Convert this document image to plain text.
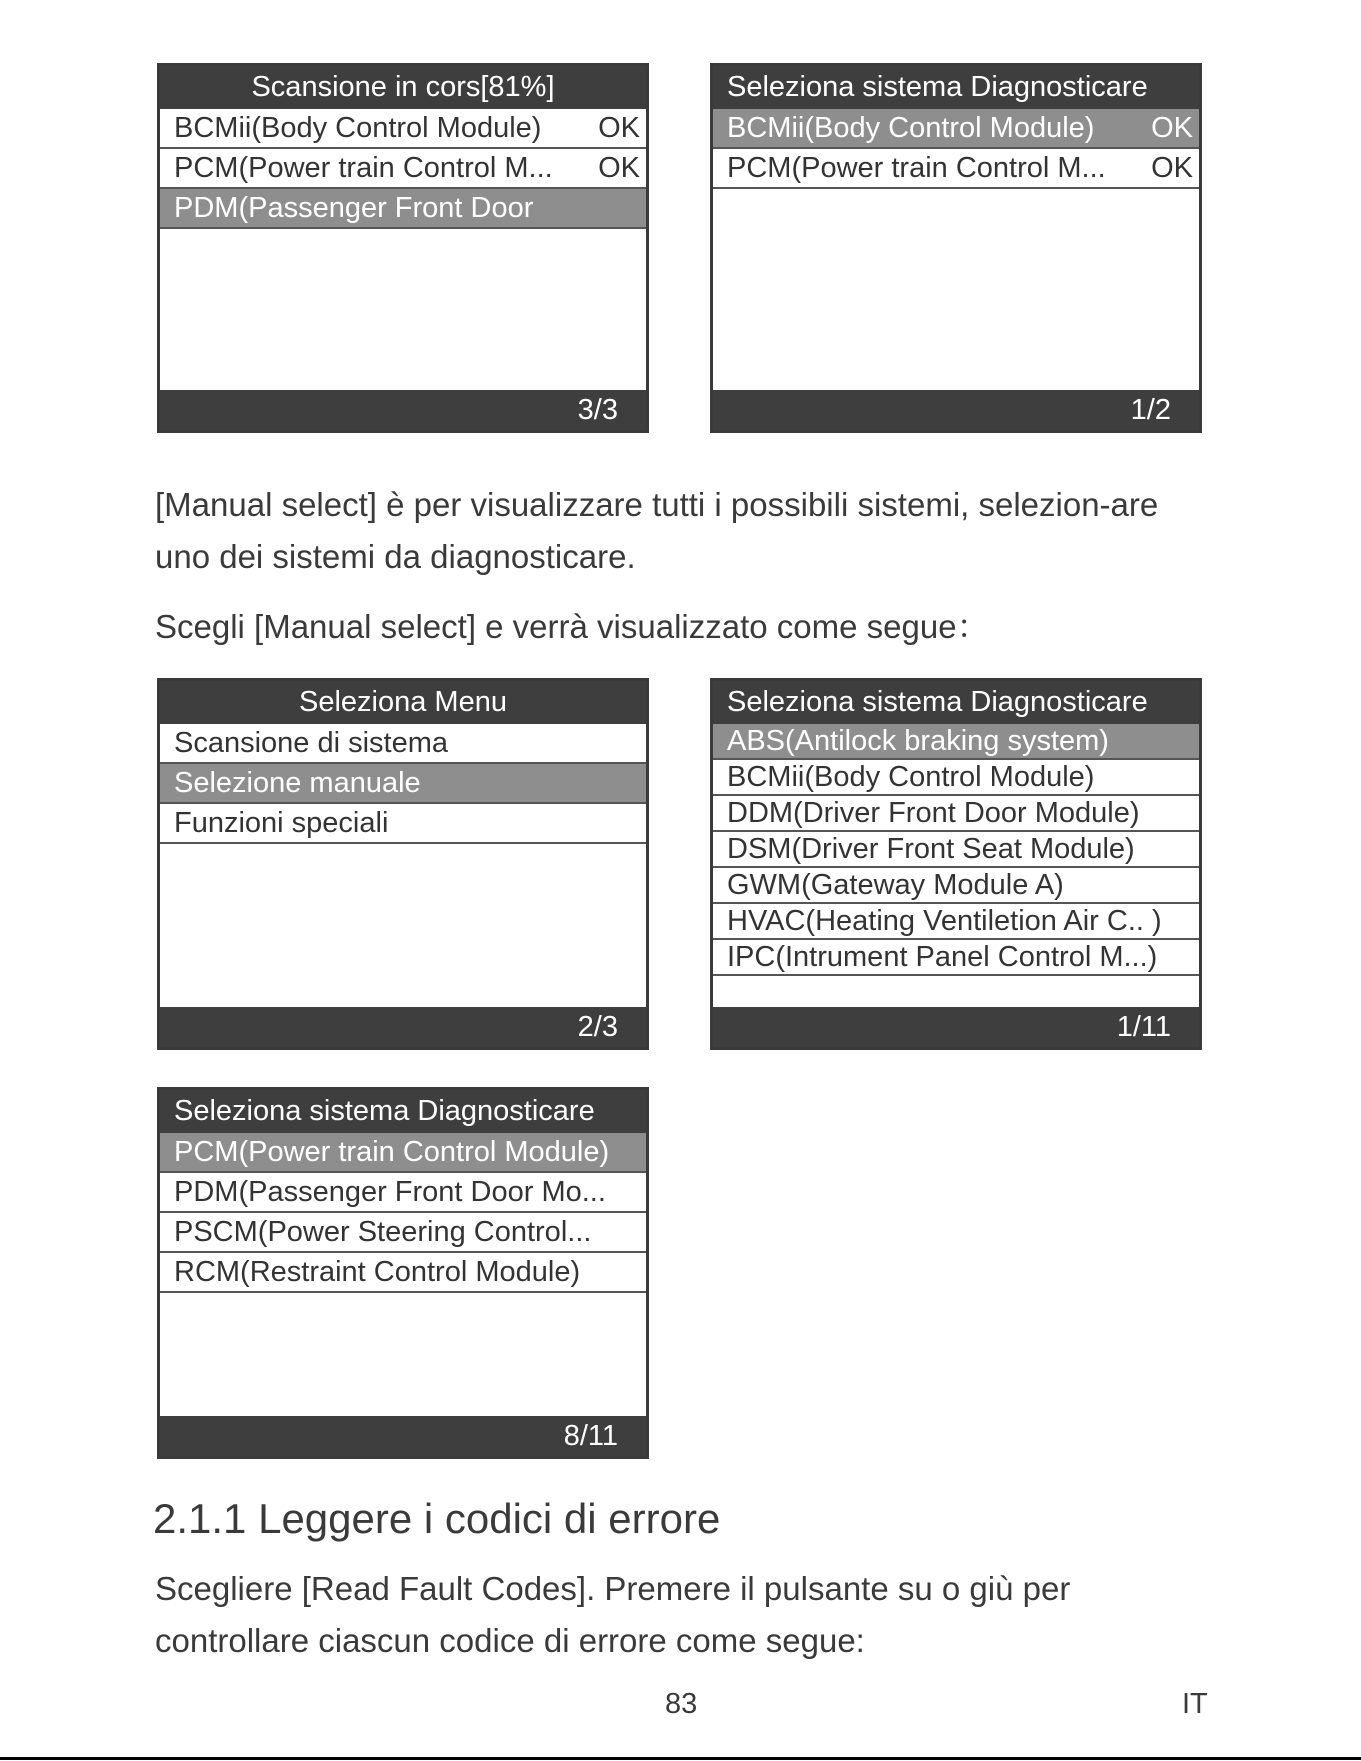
Scansione in cors[81%]
BCMii(Body Control Module) OK
PCM(Power train Control M... OK
PDM(Passenger Front Door
3/3
Seleziona sistema Diagnosticare
BCMii(Body Control Module) OK
PCM(Power train Control M... OK
1/2

[Manual select] è per visualizzare tutti i possibili sistemi, selezion-are uno dei sistemi da diagnosticare.

Scegli [Manual select] e verrà visualizzato come segue：

Seleziona Menu
Scansione di sistema
Selezione manuale
Funzioni speciali
2/3
Seleziona sistema Diagnosticare
ABS(Antilock braking system)
BCMii(Body Control Module)
DDM(Driver Front Door Module)
DSM(Driver Front Seat Module)
GWM(Gateway Module A)
HVAC(Heating Ventiletion Air C.. )
IPC(Intrument Panel Control M...)
1/11
Seleziona sistema Diagnosticare
PCM(Power train Control Module)
PDM(Passenger Front Door Mo...
PSCM(Power Steering Control...
RCM(Restraint Control Module)
8/11
2.1.1 Leggere i codici di errore

Scegliere [Read Fault Codes]. Premere il pulsante su o giù per controllare ciascun codice di errore come segue:

83	IT
